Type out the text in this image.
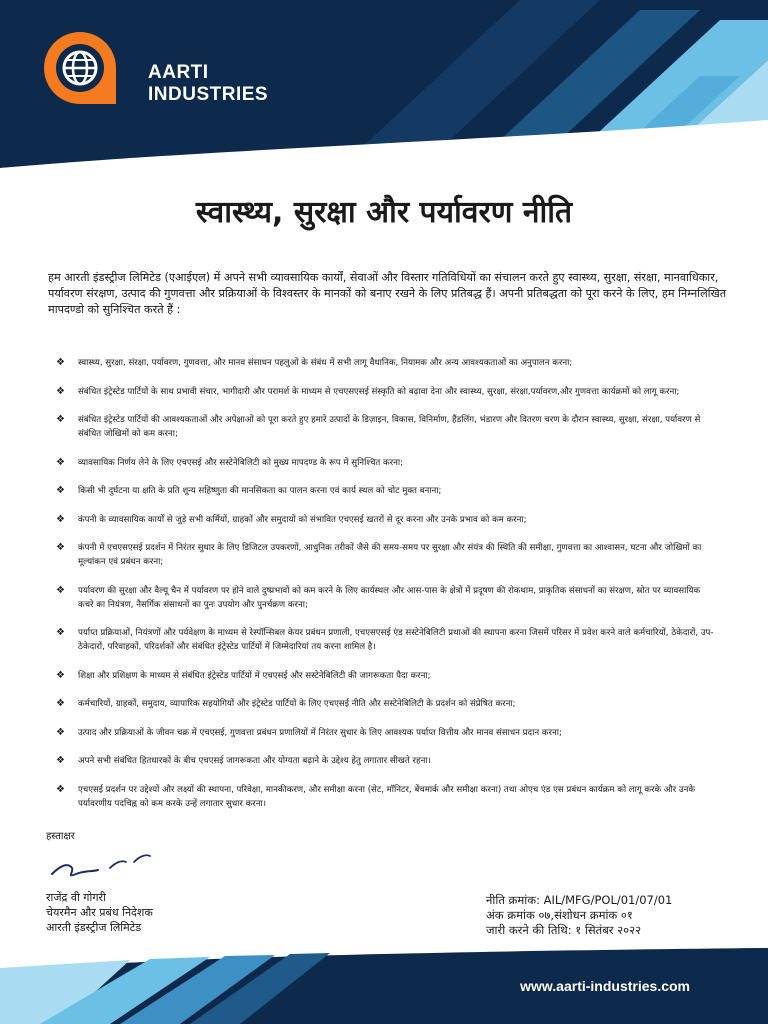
AARTI
INDUSTRIES
स्वास्थ्य, सुरक्षा और पर्यावरण नीति
हम आरती इंडस्ट्रीज लिमिटेड (एआईएल) में अपने सभी व्यावसायिक कार्यों, सेवाओं और विस्तार गतिविधियों का संचालन करते हुए स्वास्थ्य, सुरक्षा, संरक्षा, मानवाधिकार, पर्यावरण संरक्षण, उत्पाद की गुणवत्ता और प्रक्रियाओं के विश्वस्तर के मानकों को बनाए रखने के लिए प्रतिबद्ध हैं। अपनी प्रतिबद्धता को पूरा करने के लिए, हम निम्नलिखित मापदण्डो को सुनिश्चित करते हैं :
❖ स्वास्थ्य, सुरक्षा, संरक्षा, पर्यावरण, गुणवत्ता, और मानव संसाधन पहलुओं के संबंध में सभी लागू वैधानिक, नियामक और अन्य आवश्यकताओं का अनुपालन करना;
❖ संबंधित इंट्रेस्टेड पार्टियों के साथ प्रभावी संचार, भागीदारी और परामर्श के माध्यम से एचएसएसई संस्कृति को बढ़ावा देना और स्वास्थ्य, सुरक्षा, संरक्षा,पर्यावरण,और गुणवत्ता कार्यक्रमों को लागू करना;
❖ संबंधित इंट्रेस्टेड पार्टियों की आवश्यकताओं और अपेक्षाओं को पूरा करते हुए हमारे उत्पादों के डिज़ाइन, विकास, विनिर्माण, हैंडलिंग, भंडारण और वितरण चरण के दौरान स्वास्थ्य, सुरक्षा, संरक्षा, पर्यावरण से संबंधित जोखिमों को कम करना;
❖ व्यावसायिक निर्णय लेने के लिए एचएसई और सस्टेनेबिलिटी को मुख्य मापदण्ड के रूप में सुनिश्चित करना;
❖ किसी भी दुर्घटना या क्षति के प्रति शून्य सहिष्णुता की मानसिकता का पालन करना एवं कार्य स्थल को चोट मुक्त बनाना;
❖ कंपनी के व्यावसायिक कार्यों से जुड़े सभी कर्मियों, ग्राहकों और समुदायों को संभावित एचएसई खतरों से दूर करना और उनके प्रभाव को कम करना;
❖ कंपनी में एचएसएसई प्रदर्शन में निरंतर सुधार के लिए डिजिटल उपकरणों, आधुनिक तरीकों जैसे की समय-समय पर सुरक्षा और संयंत्र की स्थिति की समीक्षा, गुणवत्ता का आश्वासन, घटना और जोखिमों का मूल्यांकन एवं प्रबंधन करना;
❖ पर्यावरण की सुरक्षा और वैल्यू चैन में पर्यावरण पर होने वाले दुष्प्रभावों को कम करने के लिए कार्यस्थल और आस-पास के क्षेत्रों में प्रदूषण की रोकथाम, प्राकृतिक संसाधनों का संरक्षण, स्रोत पर व्यावसायिक कचरे का नियंत्रण, नैसर्गिक संसाधनों का पुनः उपयोग और पुनर्चक्रण करना;
❖ पर्याप्त प्रक्रियाओं, नियंत्रणों और पर्यवेक्षण के माध्यम से रेस्पॉन्सिबल केयर प्रबंधन प्रणाली, एचएसएसई एंड सस्टेनेबिलिटी प्रथाओं की स्थापना करना जिसमें परिसर में प्रवेश करने वाले कर्मचारियों, ठेकेदारों, उप-ठेकेदारों, परिवाहकों, परिदर्शकों और संबंधित इंट्रेस्टेड पार्टियों में जिम्मेदारियां तय करना शामिल है।
❖ शिक्षा और प्रशिक्षण के माध्यम से संबंधित इंट्रेस्टेड पार्टियों में एचएसई और सस्टेनेबिलिटी की जागरूकता पैदा करना;
❖ कर्मचारियों, ग्राहकों, समुदाय, व्यापारिक सहयोगियों और इंट्रेस्टेड पार्टियों के लिए एचएसई नीति और सस्टेनेबिलिटी के प्रदर्शन को संप्रेषित करना;
❖ उत्पाद और प्रक्रियाओं के जीवन चक्र में एचएसई, गुणवत्ता प्रबंधन प्रणालियों में निरंतर सुधार के लिए आवश्यक पर्याप्त वित्तीय और मानव संसाधन प्रदान करना;
❖ अपने सभी संबंधित हितधारकों के बीच एचएसई जागरूकता और योग्यता बढ़ाने के उद्देश्य हेतु लगातार सीखते रहना।
❖ एचएसई प्रदर्शन पर उद्देश्यों और लक्ष्यों की स्थापना, परिवेक्षा, मानकीकरण, और समीक्षा करना (सेट, मॉनिटर, बेंचमार्क और समीक्षा करना) तथा ओएच एंड एस प्रबंधन कार्यक्रम को लागू करके और उनके पर्यावरणीय पदचिह्न को कम करके उन्हें लगातार सुधार करना।
हस्ताक्षर
राजेंद्र वी गोगरी
चेयरमैन और प्रबंध निदेशक
आरती इंडस्ट्रीज लिमिटेड
नीति क्रमांक: AIL/MFG/POL/01/07/01
अंक क्रमांक ०७,संशोधन क्रमांक ०१
जारी करने की तिथि: १ सितंबर २०२२
www.aarti-industries.com
